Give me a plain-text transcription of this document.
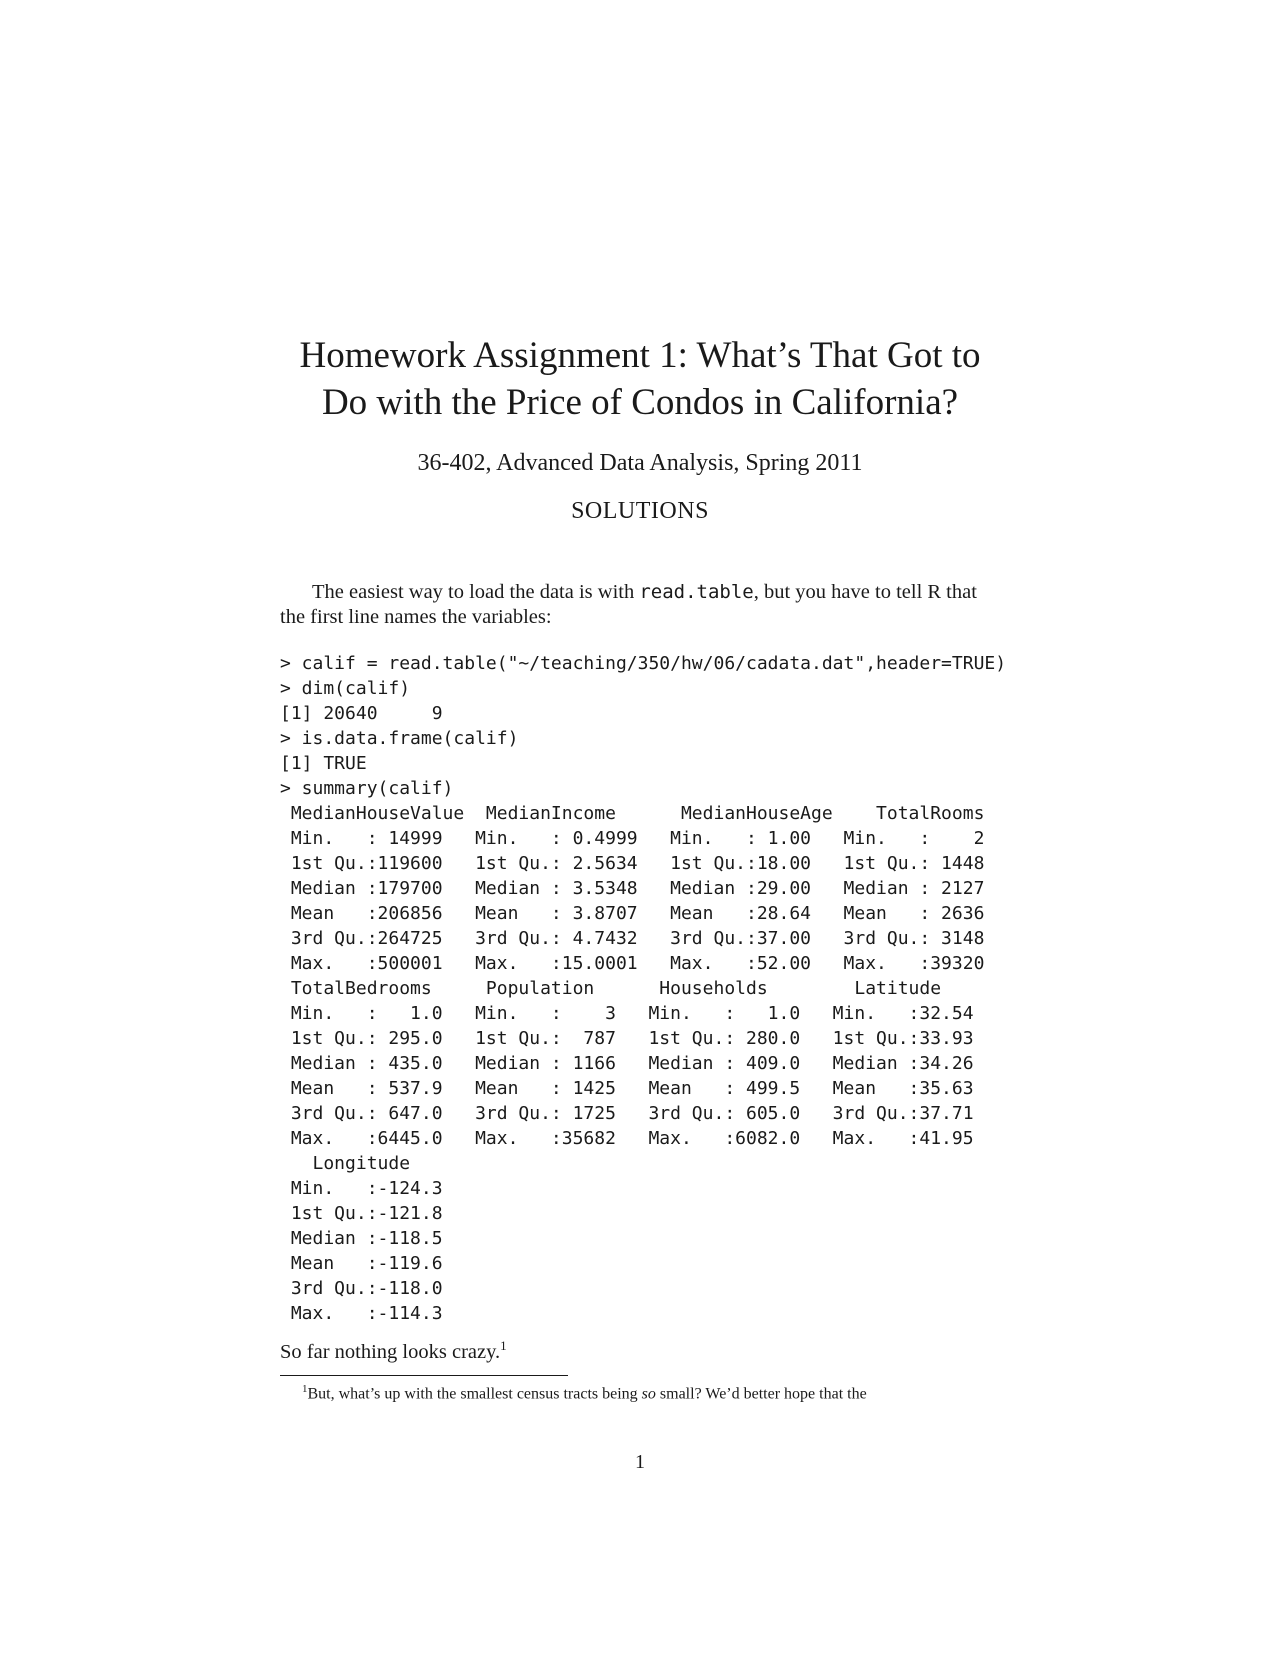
Homework Assignment 1: What’s That Got to
Do with the Price of Condos in California?
36-402, Advanced Data Analysis, Spring 2011
SOLUTIONS

The easiest way to load the data is with read.table, but you have to tell R that the first line names the variables:

> calif = read.table("~/teaching/350/hw/06/cadata.dat",header=TRUE)
> dim(calif)
[1] 20640     9
> is.data.frame(calif)
[1] TRUE
> summary(calif)
MedianHouseValue  MedianIncome      MedianHouseAge    TotalRooms
Min.   : 14999   Min.   : 0.4999   Min.   : 1.00   Min.   :    2
1st Qu.:119600   1st Qu.: 2.5634   1st Qu.:18.00   1st Qu.: 1448
Median :179700   Median : 3.5348   Median :29.00   Median : 2127
Mean   :206856   Mean   : 3.8707   Mean   :28.64   Mean   : 2636
3rd Qu.:264725   3rd Qu.: 4.7432   3rd Qu.:37.00   3rd Qu.: 3148
Max.   :500001   Max.   :15.0001   Max.   :52.00   Max.   :39320
TotalBedrooms     Population      Households        Latitude
Min.   :   1.0   Min.   :    3   Min.   :   1.0   Min.   :32.54
1st Qu.: 295.0   1st Qu.:  787   1st Qu.: 280.0   1st Qu.:33.93
Median : 435.0   Median : 1166   Median : 409.0   Median :34.26
Mean   : 537.9   Mean   : 1425   Mean   : 499.5   Mean   :35.63
3rd Qu.: 647.0   3rd Qu.: 1725   3rd Qu.: 605.0   3rd Qu.:37.71
Max.   :6445.0   Max.   :35682   Max.   :6082.0   Max.   :41.95
Longitude
Min.   :-124.3
1st Qu.:-121.8
Median :-118.5
Mean   :-119.6
3rd Qu.:-118.0
Max.   :-114.3
So far nothing looks crazy.$^1$
$^1$But, what’s up with the smallest census tracts being so small? We’d better hope that the
1
